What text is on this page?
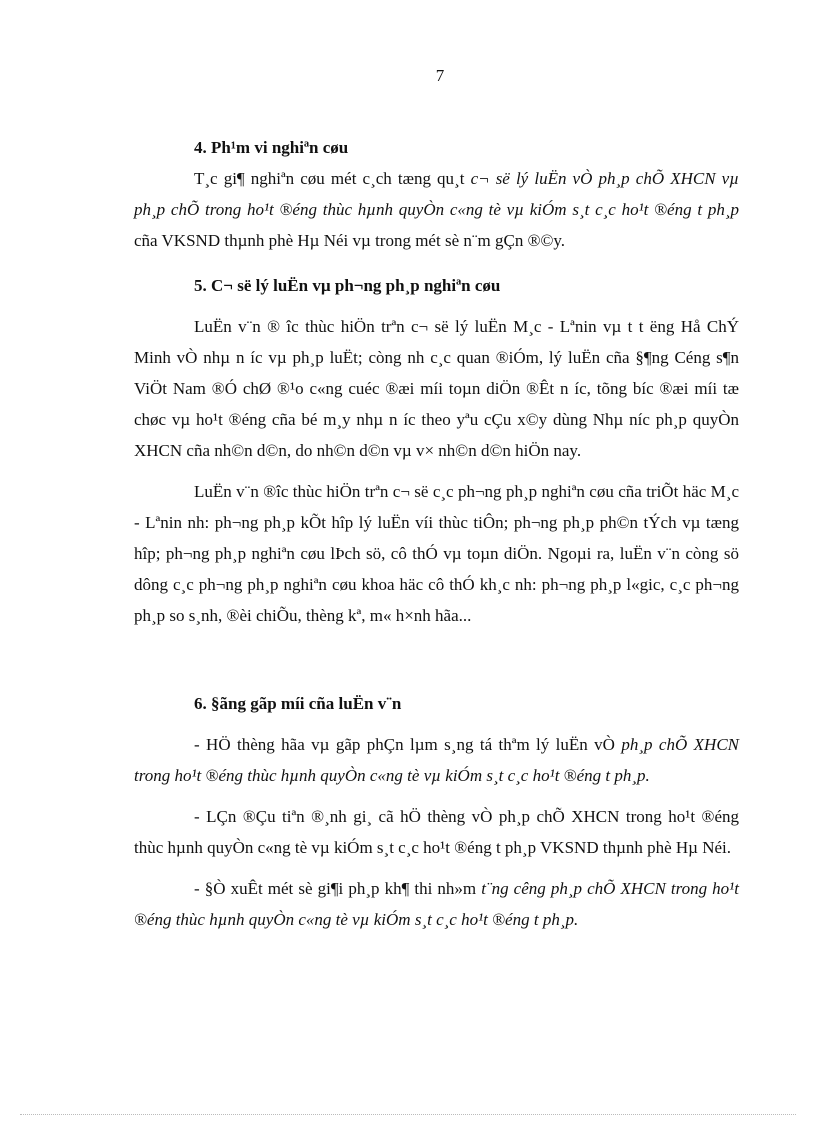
7
4. Ph¹m vi nghiªn cøu
T¸c gi¶ nghiªn cøu mét c¸ch tæng qu¸t c¬ së lý luËn vÒ ph¸p chÕ XHCN vµ ph¸p chÕ trong ho¹t ®éng thùc hµnh quyÒn c«ng tè vµ kiÓm s¸t c¸c ho¹t ®éng t ph¸p cña VKSND thµnh phè Hµ Néi vµ trong mét sè n¨m gÇn ®©y.
5. C¬ së lý luËn vµ ph¬ng ph¸p nghiªn cøu
LuËn v¨n ® îc thùc hiÖn trªn c¬ së lý luËn M¸c - Lªnin vµ t t ëng Hå ChÝ Minh vÒ nhµ n íc vµ ph¸p luËt; còng nh c¸c quan ®iÓm, lý luËn cña §¶ng Céng s¶n ViÖt Nam ®Ó chØ ®¹o c«ng cuéc ®æi míi toµn diÖn ®Êt n íc, tõng bíc ®æi míi tæ chøc vµ ho¹t ®éng cña bé m¸y nhµ n íc theo yªu cÇu x©y dùng Nhµ níc ph¸p quyÒn XHCN cña nh©n d©n, do nh©n d©n vµ v× nh©n d©n hiÖn nay.
LuËn v¨n ®îc thùc hiÖn trªn c¬ së c¸c ph¬ng ph¸p nghiªn cøu cña triÕt häc M¸c - Lªnin nh: ph¬ng ph¸p kÕt hîp lý luËn víi thùc tiÔn; ph¬ng ph¸p ph©n tÝch vµ tæng hîp; ph¬ng ph¸p nghiªn cøu lÞch sö, cô thÓ vµ toµn diÖn. Ngoµi ra, luËn v¨n còng sö dông c¸c ph¬ng ph¸p nghiªn cøu khoa häc cô thÓ kh¸c nh: ph¬ng ph¸p l«gic, c¸c ph¬ng ph¸p so s¸nh, ®èi chiÕu, thèng kª, m« h×nh hãa...
6. §ãng gãp míi cña luËn v¨n
- HÖ thèng hãa vµ gãp phÇn lµm s¸ng tá thªm lý luËn vÒ ph¸p chÕ XHCN trong ho¹t ®éng thùc hµnh quyÒn c«ng tè vµ kiÓm s¸t c¸c ho¹t ®éng t ph¸p.
- LÇn ®Çu tiªn ®¸nh gi¸ cã hÖ thèng vÒ ph¸p chÕ XHCN trong ho¹t ®éng thùc hµnh quyÒn c«ng tè vµ kiÓm s¸t c¸c ho¹t ®éng t ph¸p VKSND thµnh phè Hµ Néi.
- §Ò xuÊt mét sè gi¶i ph¸p kh¶ thi nh»m t¨ng cêng ph¸p chÕ XHCN trong ho¹t ®éng thùc hµnh quyÒn c«ng tè vµ kiÓm s¸t c¸c ho¹t ®éng t ph¸p.
